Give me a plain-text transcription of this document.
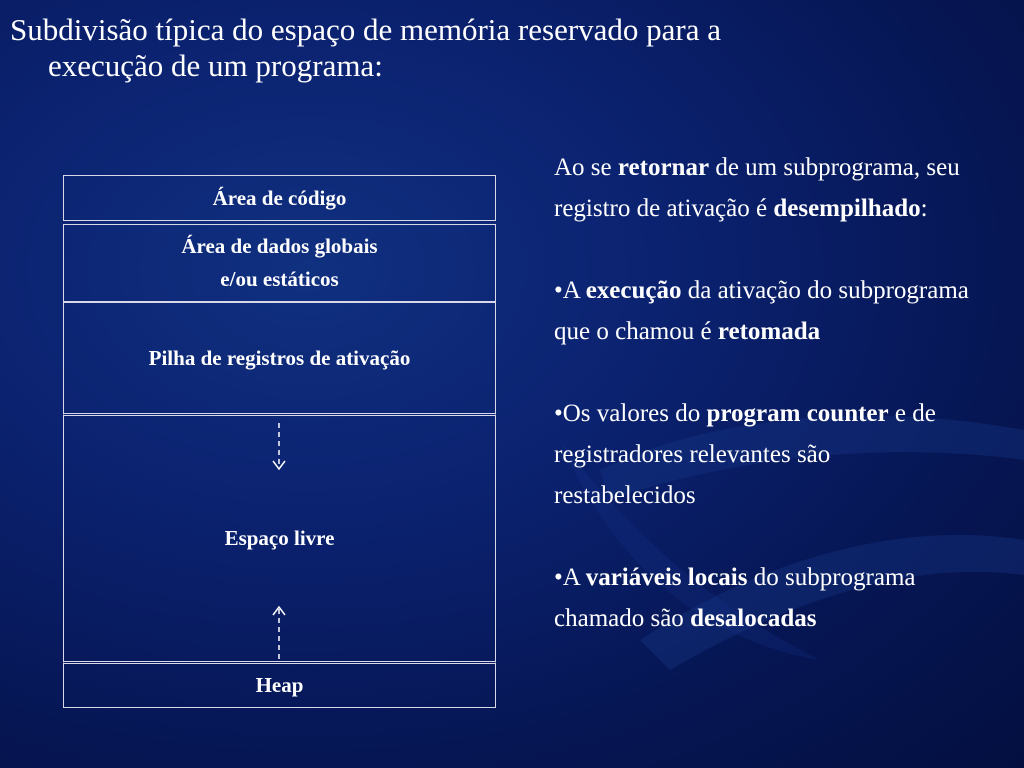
Subdivisão típica do espaço de memória reservado para a
execução de um programa:
Área de código
Área de dados globais
e/ou estáticos
Pilha de registros de ativação
Espaço livre
Heap

Ao se retornar de um subprograma, seu registro de ativação é desempilhado:

•A execução da ativação do subprograma que o chamou é retomada

•Os valores do program counter e de registradores relevantes são restabelecidos

•A variáveis locais do subprograma chamado são desalocadas
